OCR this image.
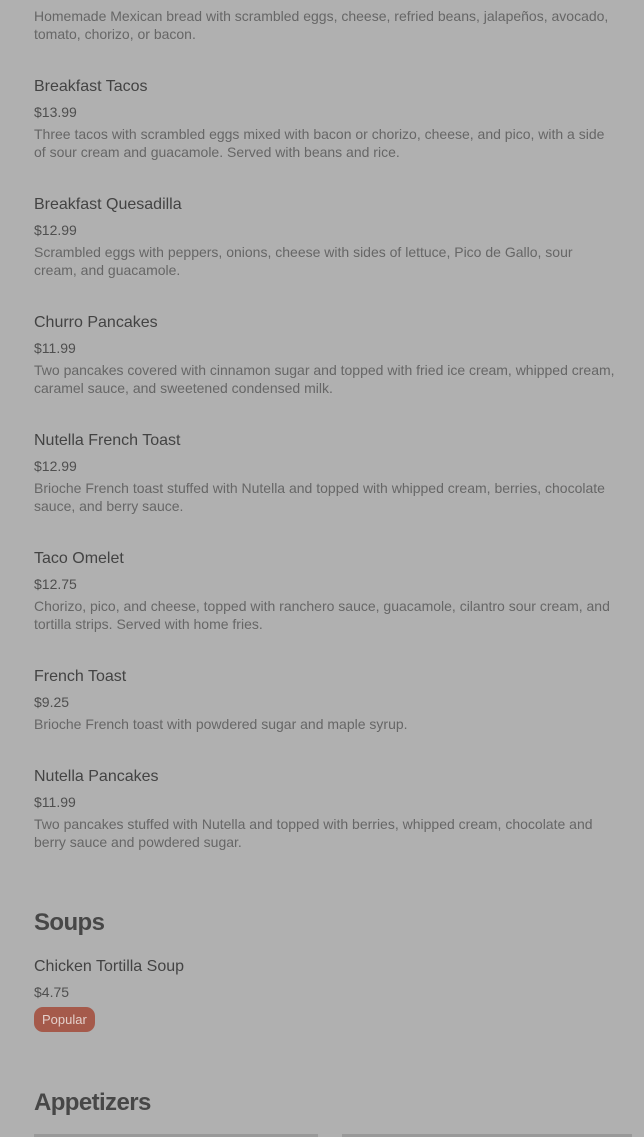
Homemade Mexican bread with scrambled eggs, cheese, refried beans, jalapeños, avocado, tomato, chorizo, or bacon.
Breakfast Tacos
$13.99
Three tacos with scrambled eggs mixed with bacon or chorizo, cheese, and pico, with a side of sour cream and guacamole. Served with beans and rice.
Breakfast Quesadilla
$12.99
Scrambled eggs with peppers, onions, cheese with sides of lettuce, Pico de Gallo, sour cream, and guacamole.
Churro Pancakes
$11.99
Two pancakes covered with cinnamon sugar and topped with fried ice cream, whipped cream, caramel sauce, and sweetened condensed milk.
Nutella French Toast
$12.99
Brioche French toast stuffed with Nutella and topped with whipped cream, berries, chocolate sauce, and berry sauce.
Taco Omelet
$12.75
Chorizo, pico, and cheese, topped with ranchero sauce, guacamole, cilantro sour cream, and tortilla strips. Served with home fries.
French Toast
$9.25
Brioche French toast with powdered sugar and maple syrup.
Nutella Pancakes
$11.99
Two pancakes stuffed with Nutella and topped with berries, whipped cream, chocolate and berry sauce and powdered sugar.
Soups
Chicken Tortilla Soup
$4.75
Popular
Appetizers
